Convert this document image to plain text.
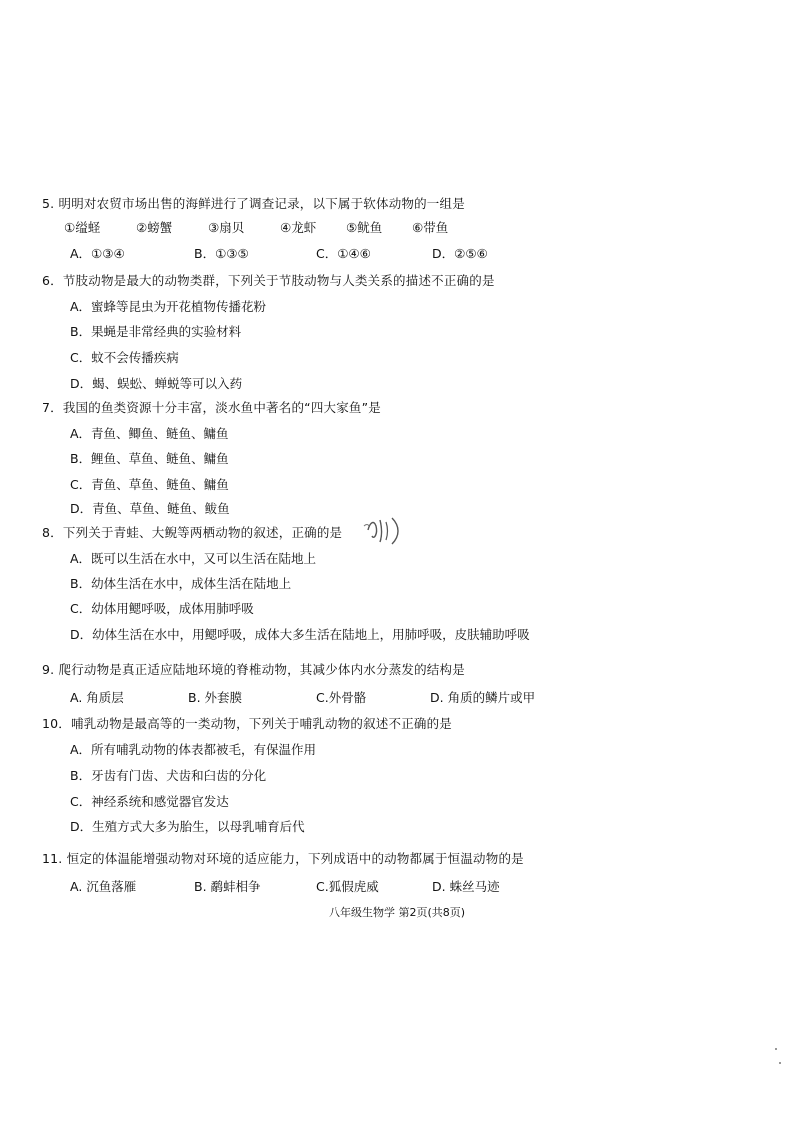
5. 明明对农贸市场出售的海鲜进行了调查记录，以下属于软体动物的一组是
①缢蛏	②螃蟹	③扇贝	④龙虾 ⑤鱿鱼 ⑥带鱼
A．①③④	B．①③⑤	C．①④⑥	D．②⑤⑥
6．节肢动物是最大的动物类群，下列关于节肢动物与人类关系的描述不正确的是
A．蜜蜂等昆虫为开花植物传播花粉
B．果蝇是非常经典的实验材料
C．蚊不会传播疾病
D．蝎、蜈蚣、蝉蜕等可以入药
7．我国的鱼类资源十分丰富，淡水鱼中著名的“四大家鱼”是
A．青鱼、鲫鱼、鲢鱼、鳙鱼
B．鲤鱼、草鱼、鲢鱼、鳙鱼
C．青鱼、草鱼、鲢鱼、鳙鱼
D．青鱼、草鱼、鲢鱼、鲅鱼
8．下列关于青蛙、大鲵等两栖动物的叙述，正确的是
A．既可以生活在水中，又可以生活在陆地上
B．幼体生活在水中，成体生活在陆地上
C．幼体用鳃呼吸，成体用肺呼吸
D．幼体生活在水中，用鳃呼吸，成体大多生活在陆地上，用肺呼吸，皮肤辅助呼吸
9. 爬行动物是真正适应陆地环境的脊椎动物，其减少体内水分蒸发的结构是
A. 角质层	B. 外套膜	C.外骨骼	D. 角质的鳞片或甲
10．哺乳动物是最高等的一类动物，下列关于哺乳动物的叙述不正确的是
A．所有哺乳动物的体表都被毛，有保温作用
B．牙齿有门齿、犬齿和臼齿的分化
C．神经系统和感觉器官发达
D．生殖方式大多为胎生，以母乳哺育后代
11. 恒定的体温能增强动物对环境的适应能力，下列成语中的动物都属于恒温动物的是
A. 沉鱼落雁	B. 鹬蚌相争	C.狐假虎威	D. 蛛丝马迹
八年级生物学 第2页(共8页)
